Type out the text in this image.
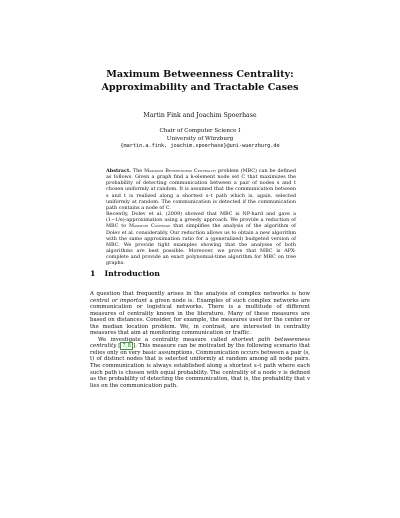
Maximum Betweenness Centrality:
Approximability and Tractable Cases
Martin Fink and Joachim Spoerhase
Chair of Computer Science I
University of Würzburg
{martin.a.fink, joachim.spoerhase}@uni-wuerzburg.de
Abstract. The Maximum Betweenness Centrality problem (MBC) can be defined as follows. Given a graph find a k-element node set C that maximizes the probability of detecting communication between a pair of nodes s and t chosen uniformly at random. It is assumed that the communication between s and t is realized along a shortest s–t path which is, again, selected uniformly at random. The communication is detected if the communication path contains a node of C.
Recently, Dolev et al. (2009) showed that MBC is NP-hard and gave a (1−1/e)-approximation using a greedy approach. We provide a reduction of MBC to Maximum Coverage that simplifies the analysis of the algorithm of Dolev et al. considerably. Our reduction allows us to obtain a new algorithm with the same approximation ratio for a (generalized) budgeted version of MBC. We provide tight examples showing that the analyses of both algorithms are best possible. Moreover, we prove that MBC is APX-complete and provide an exact polynomial-time algorithm for MBC on tree graphs.
1 Introduction

A question that frequently arises in the analysis of complex networks is how central or important a given node is. Examples of such complex networks are communication or logistical networks. There is a multitude of different measures of centrality known in the literature. Many of these measures are based on distances. Consider, for example, the measures used for the center or the median location problem. We, in contrast, are interested in centrality measures that aim at monitoring communication or traffic.

We investigate a centrality measure called shortest path betweenness centrality [ 7,8 ]. This measure can be motivated by the following scenario that relies only on very basic assumptions. Communication occurs between a pair (s, t) of distinct nodes that is selected uniformly at random among all node pairs. The communication is always established along a shortest s–t path where each such path is chosen with equal probability. The centrality of a node v is defined as the probability of detecting the communication, that is, the probability that v lies on the communication path.
